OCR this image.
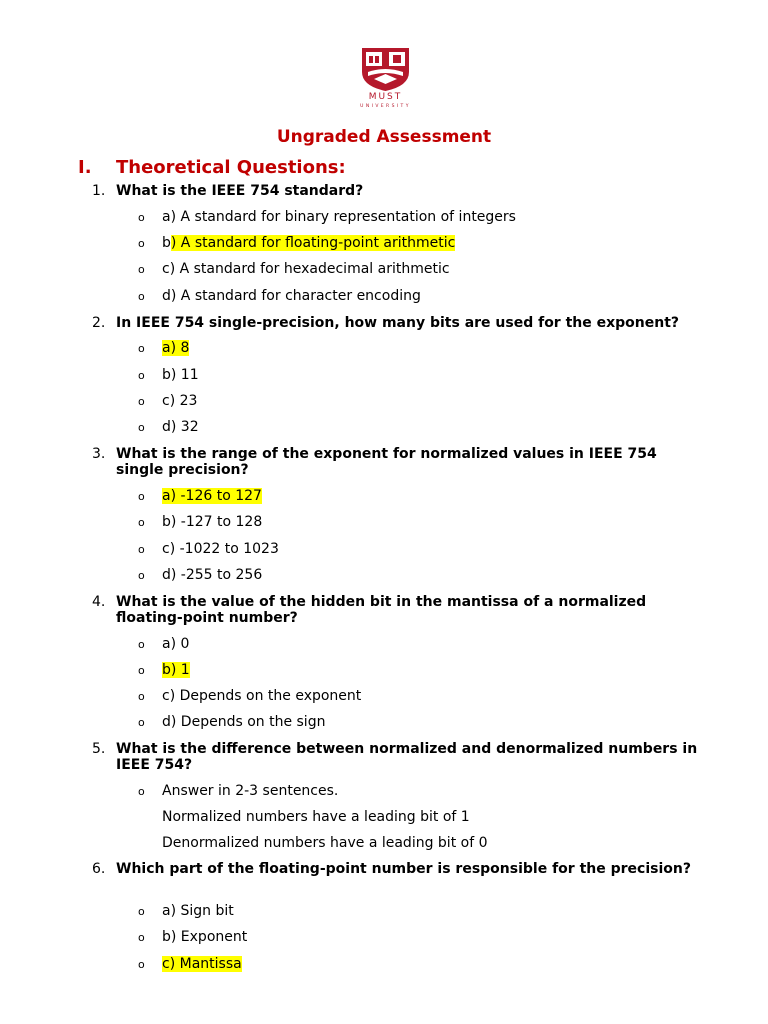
MUST
UNIVERSITY
Ungraded Assessment
I. Theoretical Questions:
1. What is the IEEE 754 standard?
o a) A standard for binary representation of integers
o b) A standard for floating-point arithmetic
o c) A standard for hexadecimal arithmetic
o d) A standard for character encoding
2. In IEEE 754 single-precision, how many bits are used for the exponent?
o a) 8
o b) 11
o c) 23
o d) 32
3. What is the range of the exponent for normalized values in IEEE 754 single precision?
o a) -126 to 127
o b) -127 to 128
o c) -1022 to 1023
o d) -255 to 256
4. What is the value of the hidden bit in the mantissa of a normalized floating-point number?
o a) 0
o b) 1
o c) Depends on the exponent
o d) Depends on the sign
5. What is the difference between normalized and denormalized numbers in IEEE 754?
o Answer in 2-3 sentences.
Normalized numbers have a leading bit of 1
Denormalized numbers have a leading bit of 0
6. Which part of the floating-point number is responsible for the precision?
o a) Sign bit
o b) Exponent
o c) Mantissa
